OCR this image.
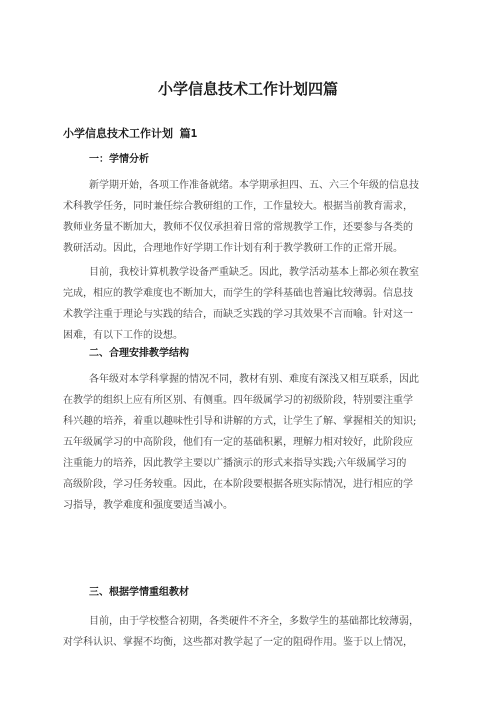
小学信息技术工作计划四篇
小学信息技术工作计划 篇1
一：学情分析
新学期开始，各项工作准备就绪。本学期承担四、五、六三个年级的信息技
术科教学任务，同时兼任综合教研组的工作，工作量较大。根据当前教育需求，
教师业务量不断加大，教师不仅仅承担着日常的常规教学工作，还要参与各类的
教研活动。因此，合理地作好学期工作计划有利于教学教研工作的正常开展。
目前，我校计算机教学设备严重缺乏。因此，教学活动基本上都必须在教室
完成，相应的教学难度也不断加大，而学生的学科基础也普遍比较薄弱。信息技
术教学注重于理论与实践的结合，而缺乏实践的学习其效果不言而喻。针对这一
困难，有以下工作的设想。
二、合理安排教学结构
各年级对本学科掌握的情况不同，教材有别、难度有深浅又相互联系，因此
在教学的组织上应有所区别、有侧重。四年级属学习的初级阶段，特别要注重学
科兴趣的培养，着重以趣味性引导和讲解的方式，让学生了解、掌握相关的知识;
五年级属学习的中高阶段，他们有一定的基础积累，理解力相对较好，此阶段应
注重能力的培养，因此教学主要以广播演示的形式来指导实践;六年级属学习的
高级阶段，学习任务较重。因此，在本阶段要根据各班实际情况，进行相应的学
习指导，教学难度和强度要适当减小。
三、根据学情重组教材
目前，由于学校整合初期，各类硬件不齐全，多数学生的基础都比较薄弱，
对学科认识、掌握不均衡，这些都对教学起了一定的阻碍作用。鉴于以上情况，
